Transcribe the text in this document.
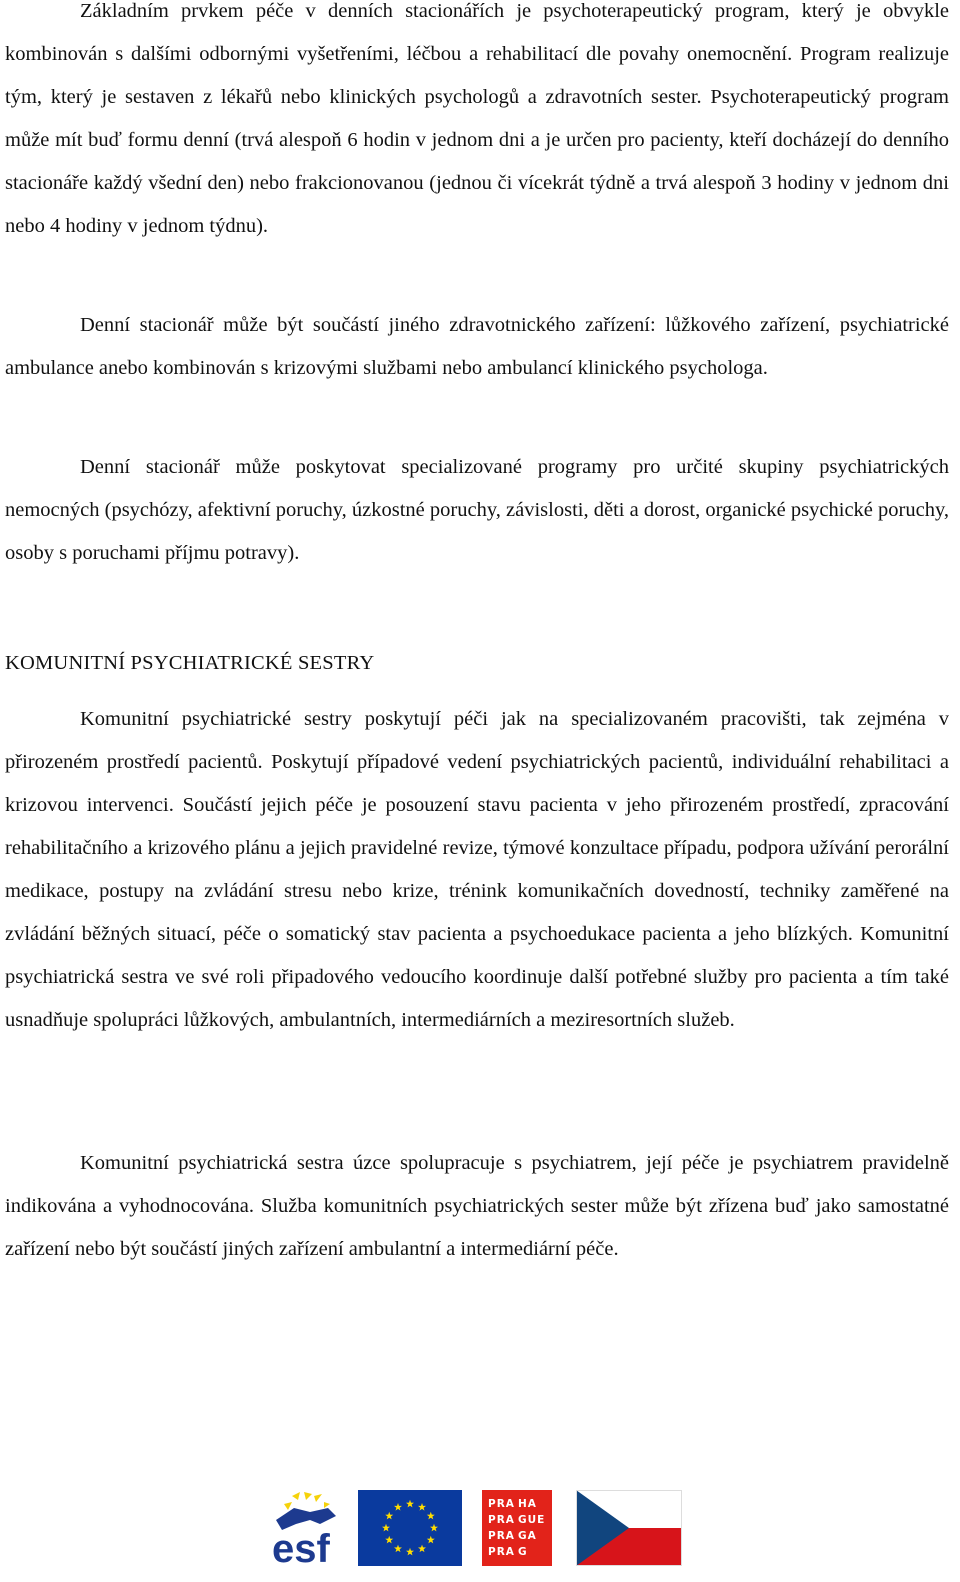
Základním prvkem péče v denních stacionářích je psychoterapeutický program, který je obvykle kombinován s dalšími odbornými vyšetřeními, léčbou a rehabilitací dle povahy onemocnění. Program realizuje tým, který je sestaven z lékařů nebo klinických psychologů a zdravotních sester. Psychoterapeutický program může mít buď formu denní (trvá alespoň 6 hodin v jednom dni a je určen pro pacienty, kteří docházejí do denního stacionáře každý všední den) nebo frakcionovanou (jednou či vícekrát týdně a trvá alespoň 3 hodiny v jednom dni nebo 4 hodiny v jednom týdnu).

Denní stacionář může být součástí jiného zdravotnického zařízení: lůžkového zařízení, psychiatrické ambulance anebo kombinován s krizovými službami nebo ambulancí klinického psychologa.

Denní stacionář může poskytovat specializované programy pro určité skupiny psychiatrických nemocných (psychózy, afektivní poruchy, úzkostné poruchy, závislosti, děti a dorost, organické psychické poruchy, osoby s poruchami příjmu potravy).

KOMUNITNÍ PSYCHIATRICKÉ SESTRY

Komunitní psychiatrické sestry poskytují péči jak na specializovaném pracovišti, tak zejména v přirozeném prostředí pacientů. Poskytují případové vedení psychiatrických pacientů, individuální rehabilitaci a krizovou intervenci. Součástí jejich péče je posouzení stavu pacienta v jeho přirozeném prostředí, zpracování rehabilitačního a krizového plánu a jejich pravidelné revize, týmové konzultace případu, podpora užívání perorální medikace, postupy na zvládání stresu nebo krize, trénink komunikačních dovedností, techniky zaměřené na zvládání běžných situací, péče o somatický stav pacienta a psychoedukace pacienta a jeho blízkých. Komunitní psychiatrická sestra ve své roli připadového vedoucího koordinuje další potřebné služby pro pacienta a tím také usnadňuje spolupráci lůžkových, ambulantních, intermediárních a meziresortních služeb.

Komunitní psychiatrická sestra úzce spolupracuje s psychiatrem, její péče je psychiatrem pravidelně indikována a vyhodnocována. Služba komunitních psychiatrických sester může být zřízena buď jako samostatné zařízení nebo být součástí jiných zařízení ambulantní a intermediární péče.

esf
PRA HA
PRA GUE
PRA GA
PRA G
